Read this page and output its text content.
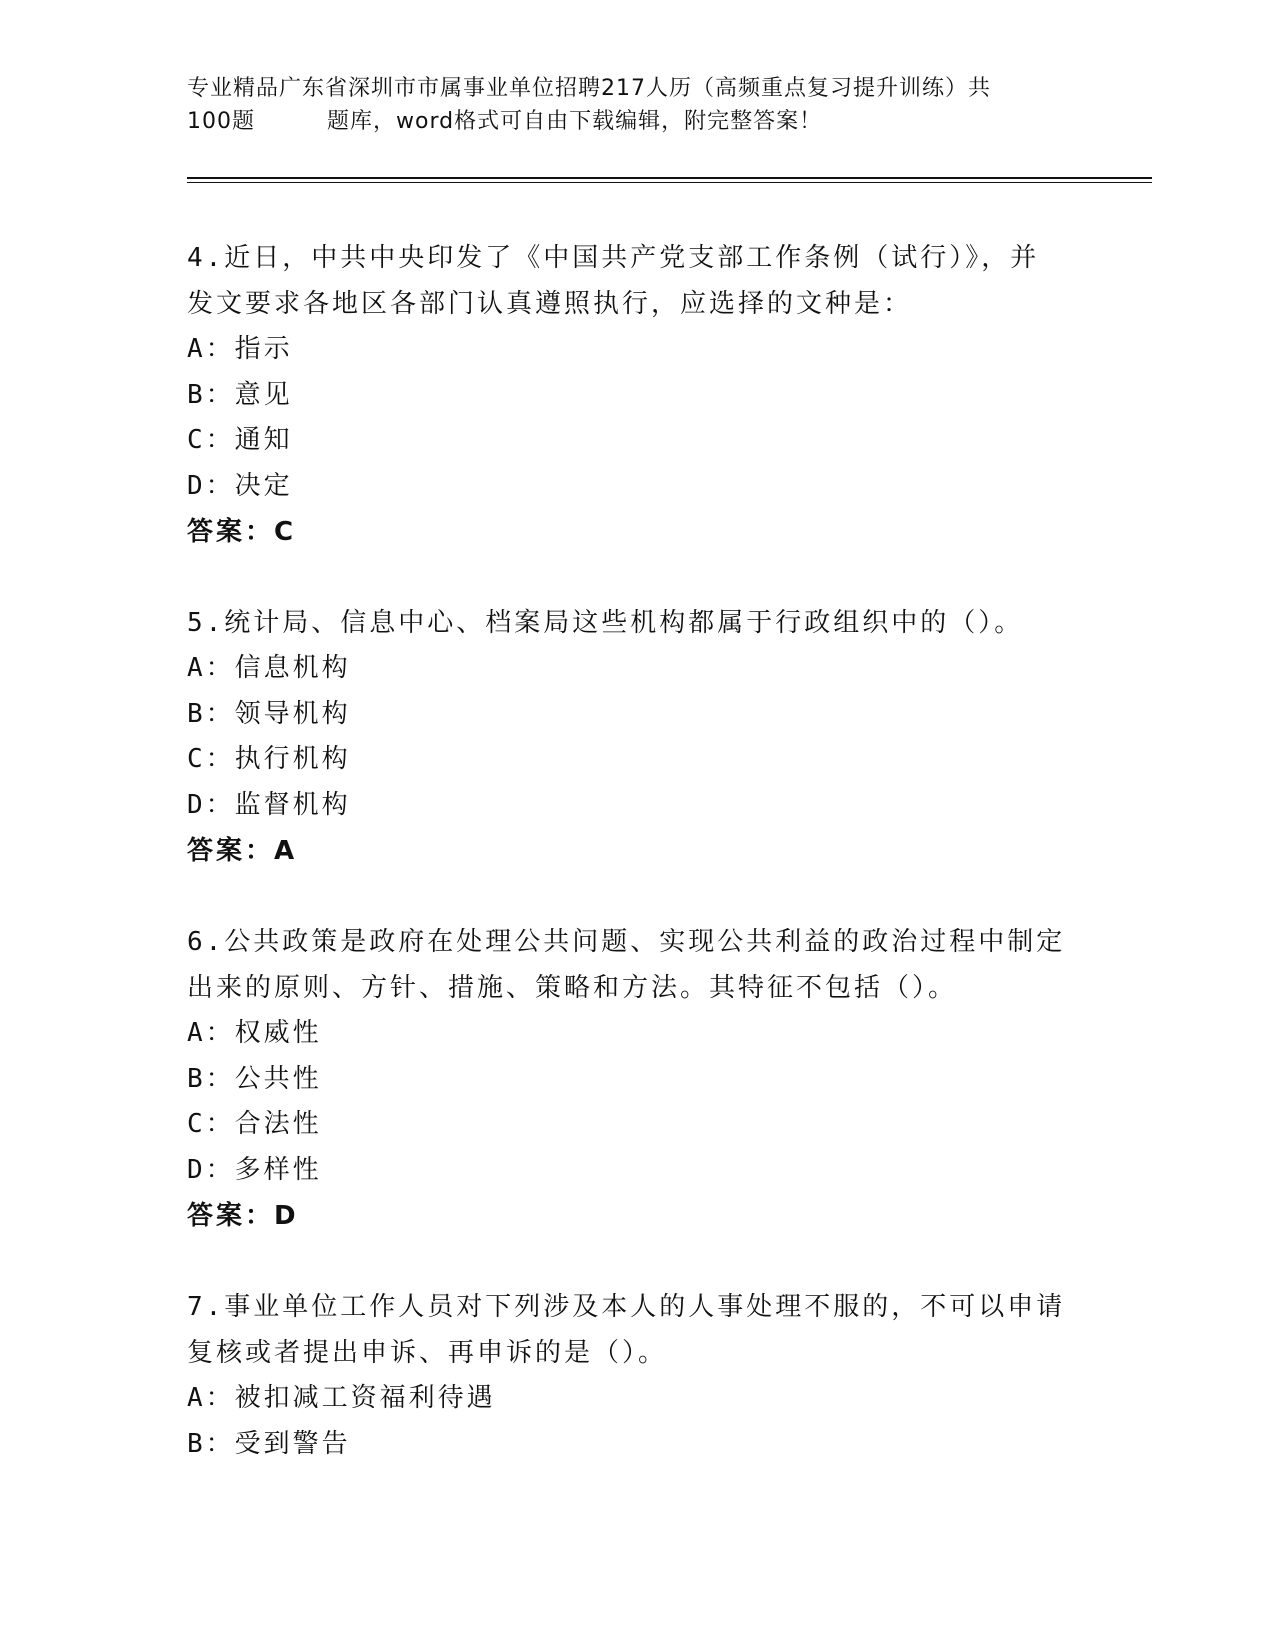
专业精品广东省深圳市市属事业单位招聘217人历（高频重点复习提升训练）共
100题	题库，word格式可自由下载编辑，附完整答案！

4.近日，中共中央印发了《中国共产党支部工作条例（试行）》，并发文要求各地区各部门认真遵照执行，应选择的文种是：

A：指示

B：意见

C：通知

D：决定

答案：C

5.统计局、信息中心、档案局这些机构都属于行政组织中的（）。

A：信息机构

B：领导机构

C：执行机构

D：监督机构

答案：A

6.公共政策是政府在处理公共问题、实现公共利益的政治过程中制定出来的原则、方针、措施、策略和方法。其特征不包括（）。

A：权威性

B：公共性

C：合法性

D：多样性

答案：D

7.事业单位工作人员对下列涉及本人的人事处理不服的，不可以申请复核或者提出申诉、再申诉的是（）。

A：被扣减工资福利待遇

B：受到警告
